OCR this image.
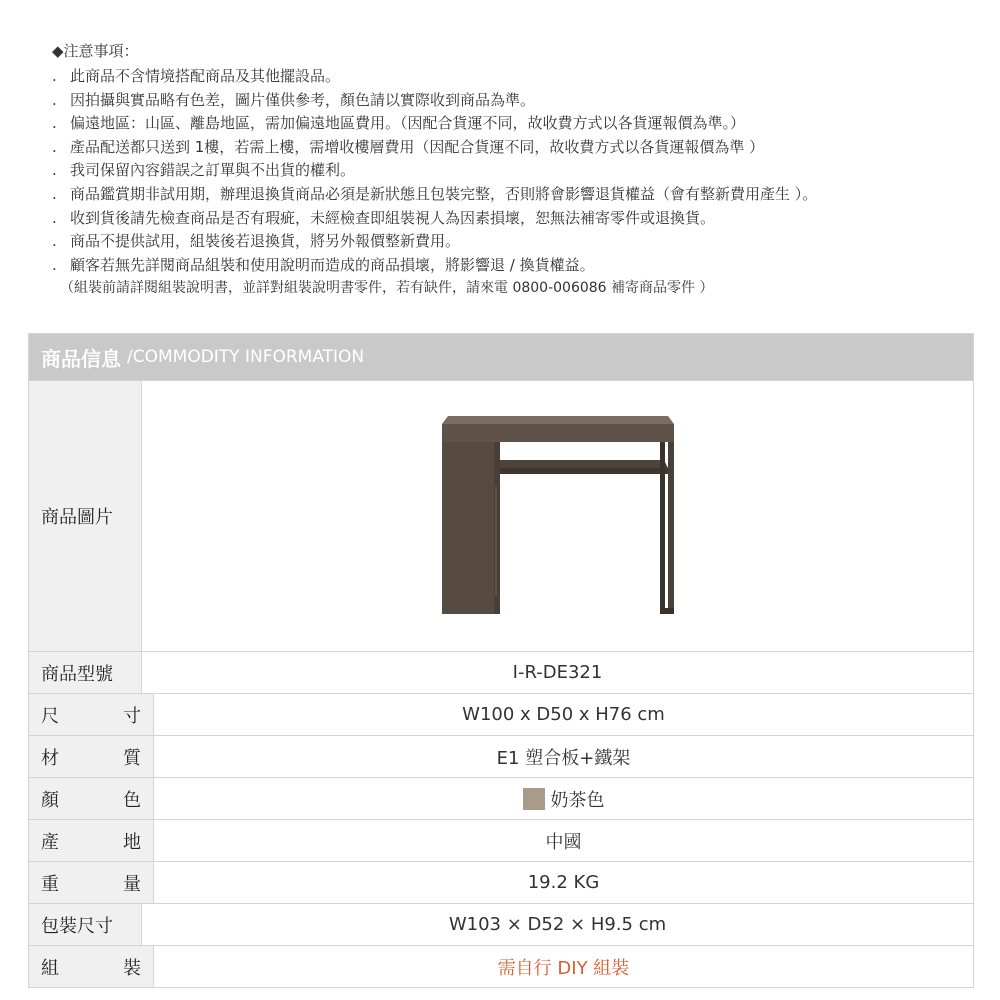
◆注意事項：
. 此商品不含情境搭配商品及其他擺設品。
. 因拍攝與實品略有色差，圖片僅供參考，顏色請以實際收到商品為準。
. 偏遠地區：山區、離島地區，需加偏遠地區費用。（因配合貨運不同，故收費方式以各貨運報價為準。）
. 產品配送都只送到 1樓，若需上樓，需增收樓層費用（因配合貨運不同，故收費方式以各貨運報價為準 ）
. 我司保留內容錯誤之訂單與不出貨的權利。
. 商品鑑賞期非試用期，辦理退換貨商品必須是新狀態且包裝完整，否則將會影響退貨權益（會有整新費用產生 ）。
. 收到貨後請先檢查商品是否有瑕疵，未經檢查即組裝視人為因素損壞，恕無法補寄零件或退換貨。
. 商品不提供試用，組裝後若退換貨，將另外報價整新費用。
. 顧客若無先詳閱商品組裝和使用說明而造成的商品損壞，將影響退 / 換貨權益。
（組裝前請詳閱組裝說明書，並詳對組裝說明書零件，若有缺件，請來電 0800-006086 補寄商品零件 ）
商品信息 /COMMODITY INFORMATION
商品圖片
商品型號	I-R-DE321
尺	寸	W100 x D50 x H76 cm
材	質	E1 塑合板+鐵架
顏	色	奶茶色
產	地	中國
重	量	19.2 KG
包裝尺寸	W103 × D52 × H9.5 cm
組	裝	需自行 DIY 組裝
